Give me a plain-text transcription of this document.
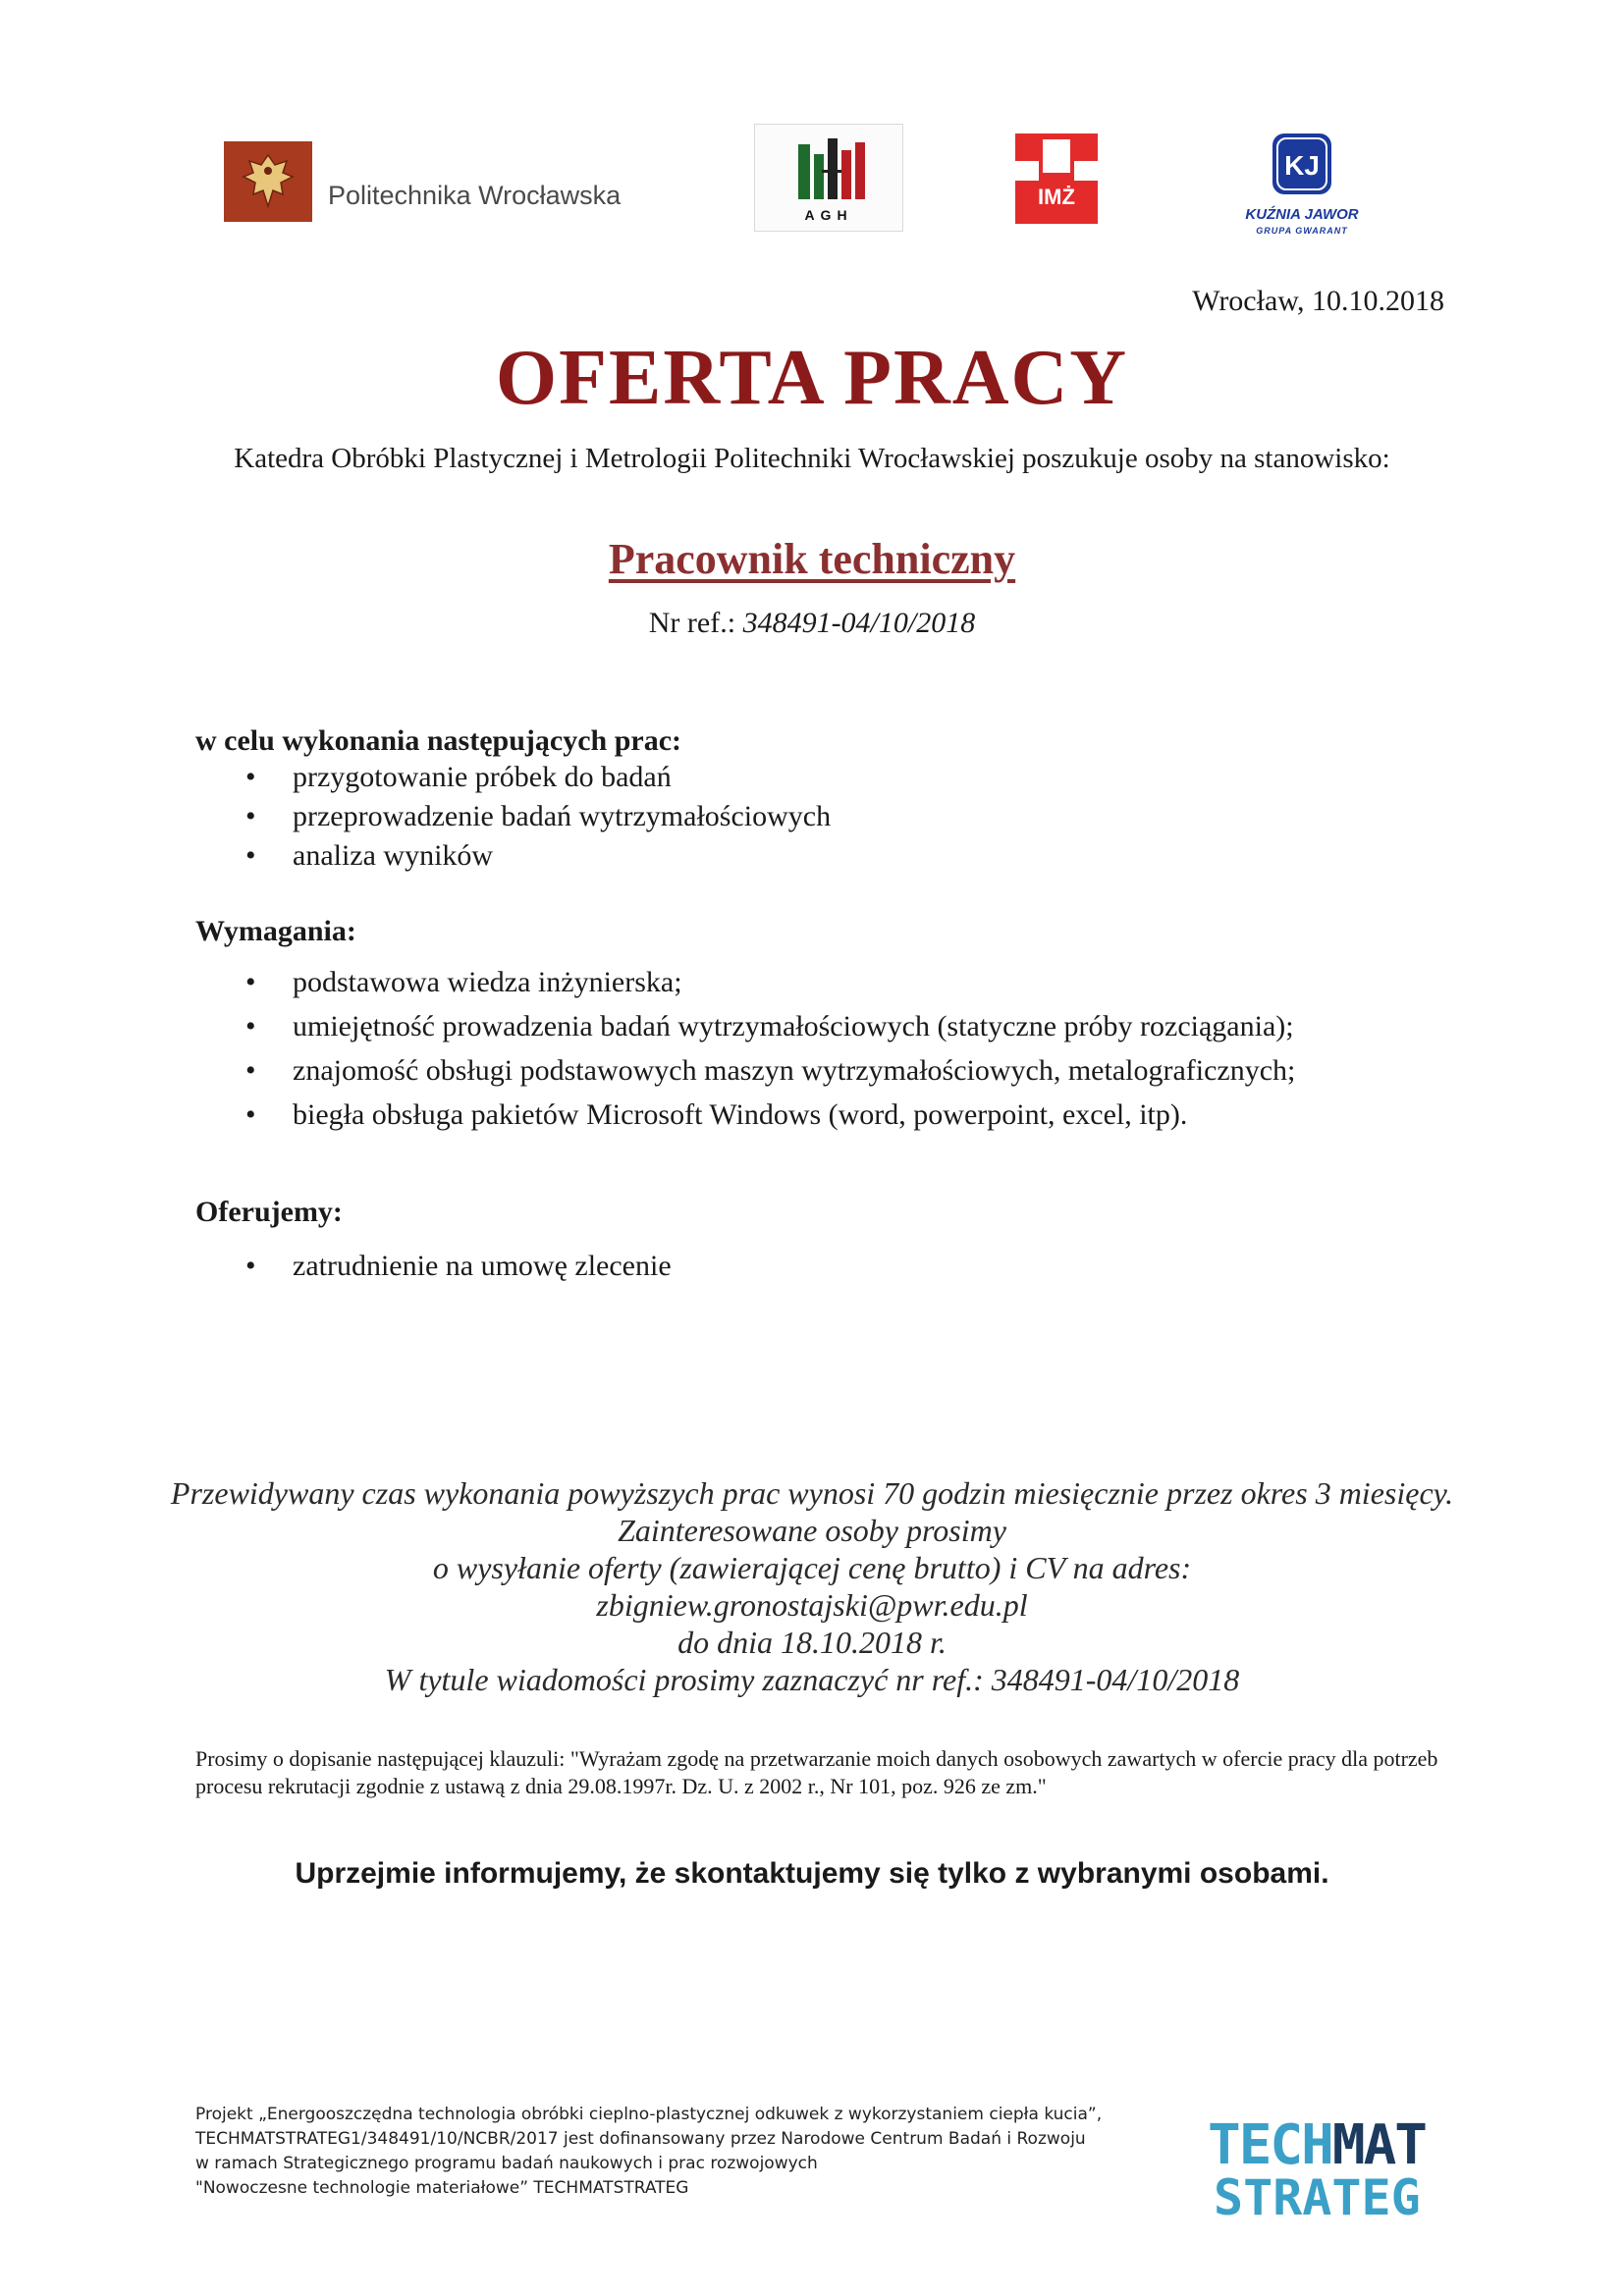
Politechnika Wrocławska
AGH
IMŻ
KJ
KUŹNIA JAWOR
GRUPA GWARANT
Wrocław, 10.10.2018
OFERTA PRACY
Katedra Obróbki Plastycznej i Metrologii Politechniki Wrocławskiej poszukuje osoby na stanowisko:
Pracownik techniczny
Nr ref.: 348491-04/10/2018
w celu wykonania następujących prac:
• przygotowanie próbek do badań
• przeprowadzenie badań wytrzymałościowych
• analiza wyników
Wymagania:
• podstawowa wiedza inżynierska;
• umiejętność prowadzenia badań wytrzymałościowych (statyczne próby rozciągania);
• znajomość obsługi podstawowych maszyn wytrzymałościowych, metalograficznych;
• biegła obsługa pakietów Microsoft Windows (word, powerpoint, excel, itp).
Oferujemy:
• zatrudnienie na umowę zlecenie
Przewidywany czas wykonania powyższych prac wynosi 70 godzin miesięcznie przez okres 3 miesięcy. Zainteresowane osoby prosimy
o wysyłanie oferty (zawierającej cenę brutto) i CV na adres:
zbigniew.gronostajski@pwr.edu.pl
do dnia 18.10.2018 r.
W tytule wiadomości prosimy zaznaczyć nr ref.: 348491-04/10/2018
Prosimy o dopisanie następującej klauzuli: "Wyrażam zgodę na przetwarzanie moich danych osobowych zawartych w ofercie pracy dla potrzeb procesu rekrutacji zgodnie z ustawą z dnia 29.08.1997r. Dz. U. z 2002 r., Nr 101, poz. 926 ze zm."
Uprzejmie informujemy, że skontaktujemy się tylko z wybranymi osobami.
Projekt „Energooszczędna technologia obróbki cieplno-plastycznej odkuwek z wykorzystaniem ciepła kucia”,
TECHMATSTRATEG1/348491/10/NCBR/2017 jest dofinansowany przez Narodowe Centrum Badań i Rozwoju
w ramach Strategicznego programu badań naukowych i prac rozwojowych
"Nowoczesne technologie materiałowe” TECHMATSTRATEG
TECHMAT
STRATEG
